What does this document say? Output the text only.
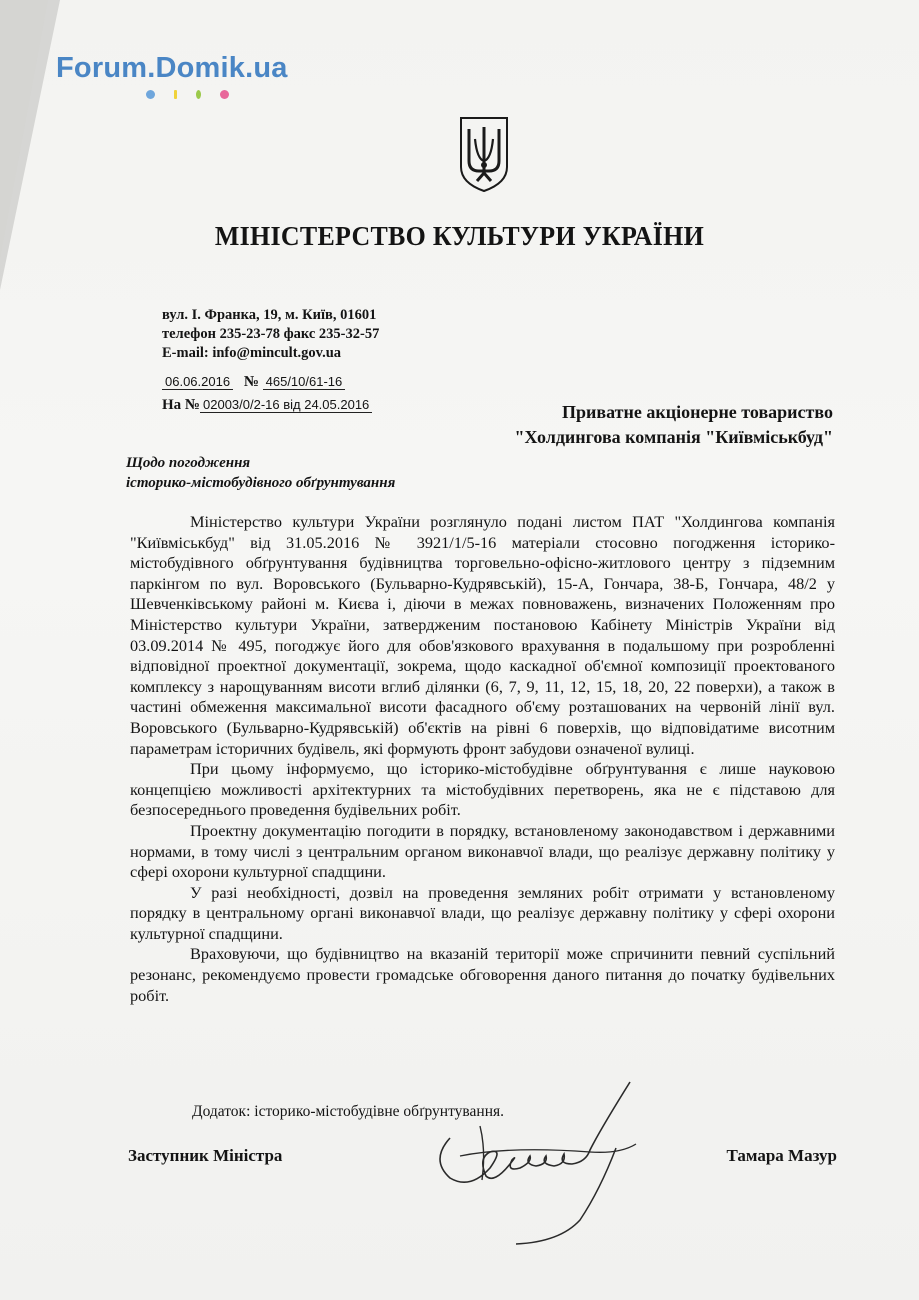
Forum.Domik.ua
МІНІСТЕРСТВО КУЛЬТУРИ УКРАЇНИ
вул. І. Франка, 19, м. Київ, 01601
телефон 235-23-78 факс 235-32-57
E-mail: info@mincult.gov.ua
06.06.2016 № 465/10/61-16
На № 02003/0/2-16 від 24.05.2016	Приватне акціонерне товариство
"Холдингова компанія "Київміськбуд"
Щодо погодження
історико-містобудівного обґрунтування

Міністерство культури України розглянуло подані листом ПАТ "Холдингова компанія "Київміськбуд" від 31.05.2016 № 3921/1/5-16 матеріали стосовно погодження історико-містобудівного обґрунтування будівництва торговельно-офісно-житлового центру з підземним паркінгом по вул. Воровського (Бульварно-Кудрявській), 15-А, Гончара, 38-Б, Гончара, 48/2 у Шевченківському районі м. Києва і, діючи в межах повноважень, визначених Положенням про Міністерство культури України, затвердженим постановою Кабінету Міністрів України від 03.09.2014 № 495, погоджує його для обов'язкового врахування в подальшому при розробленні відповідної проектної документації, зокрема, щодо каскадної об'ємної композиції проектованого комплексу з нарощуванням висоти вглиб ділянки (6, 7, 9, 11, 12, 15, 18, 20, 22 поверхи), а також в частині обмеження максимальної висоти фасадного об'єму розташованих на червоній лінії вул. Воровського (Бульварно-Кудрявській) об'єктів на рівні 6 поверхів, що відповідатиме висотним параметрам історичних будівель, які формують фронт забудови означеної вулиці.

При цьому інформуємо, що історико-містобудівне обґрунтування є лише науковою концепцією можливості архітектурних та містобудівних перетворень, яка не є підставою для безпосереднього проведення будівельних робіт.

Проектну документацію погодити в порядку, встановленому законодавством і державними нормами, в тому числі з центральним органом виконавчої влади, що реалізує державну політику у сфері охорони культурної спадщини.

У разі необхідності, дозвіл на проведення земляних робіт отримати у встановленому порядку в центральному органі виконавчої влади, що реалізує державну політику у сфері охорони культурної спадщини.

Враховуючи, що будівництво на вказаній території може спричинити певний суспільний резонанс, рекомендуємо провести громадське обговорення даного питання до початку будівельних робіт.

Додаток: історико-містобудівне обґрунтування.
Заступник Міністра	Тамара Мазур
